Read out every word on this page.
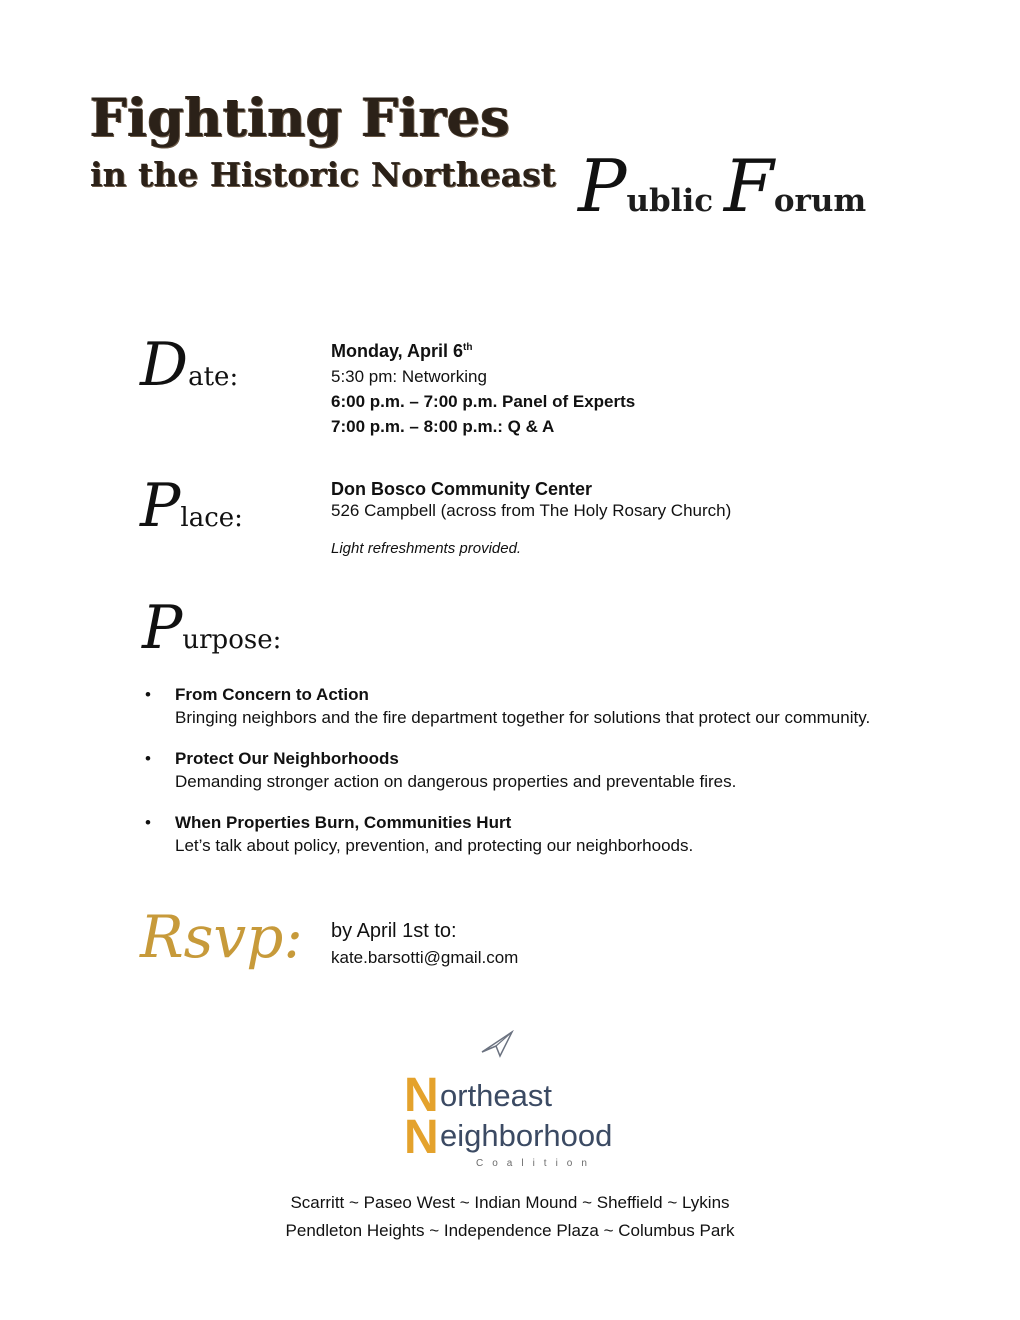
Fighting Fires
in the Historic Northeast Public Forum
Date:
Monday, April 6th
5:30 pm: Networking
6:00 p.m. – 7:00 p.m. Panel of Experts
7:00 p.m. – 8:00 p.m.: Q & A
Place:
Don Bosco Community Center
526 Campbell (across from The Holy Rosary Church)
Light refreshments provided.
Purpose:
•	From Concern to Action
Bringing neighbors and the fire department together for solutions that protect our community.
•	Protect Our Neighborhoods
Demanding stronger action on dangerous properties and preventable fires.
•	When Properties Burn, Communities Hurt
Let’s talk about policy, prevention, and protecting our neighborhoods.
Rsvp: by April 1st to:
kate.barsotti@gmail.com
N ortheast
N eighborhood
Coalition
Scarritt ~ Paseo West ~ Indian Mound ~ Sheffield ~ Lykins
Pendleton Heights ~ Independence Plaza ~ Columbus Park
